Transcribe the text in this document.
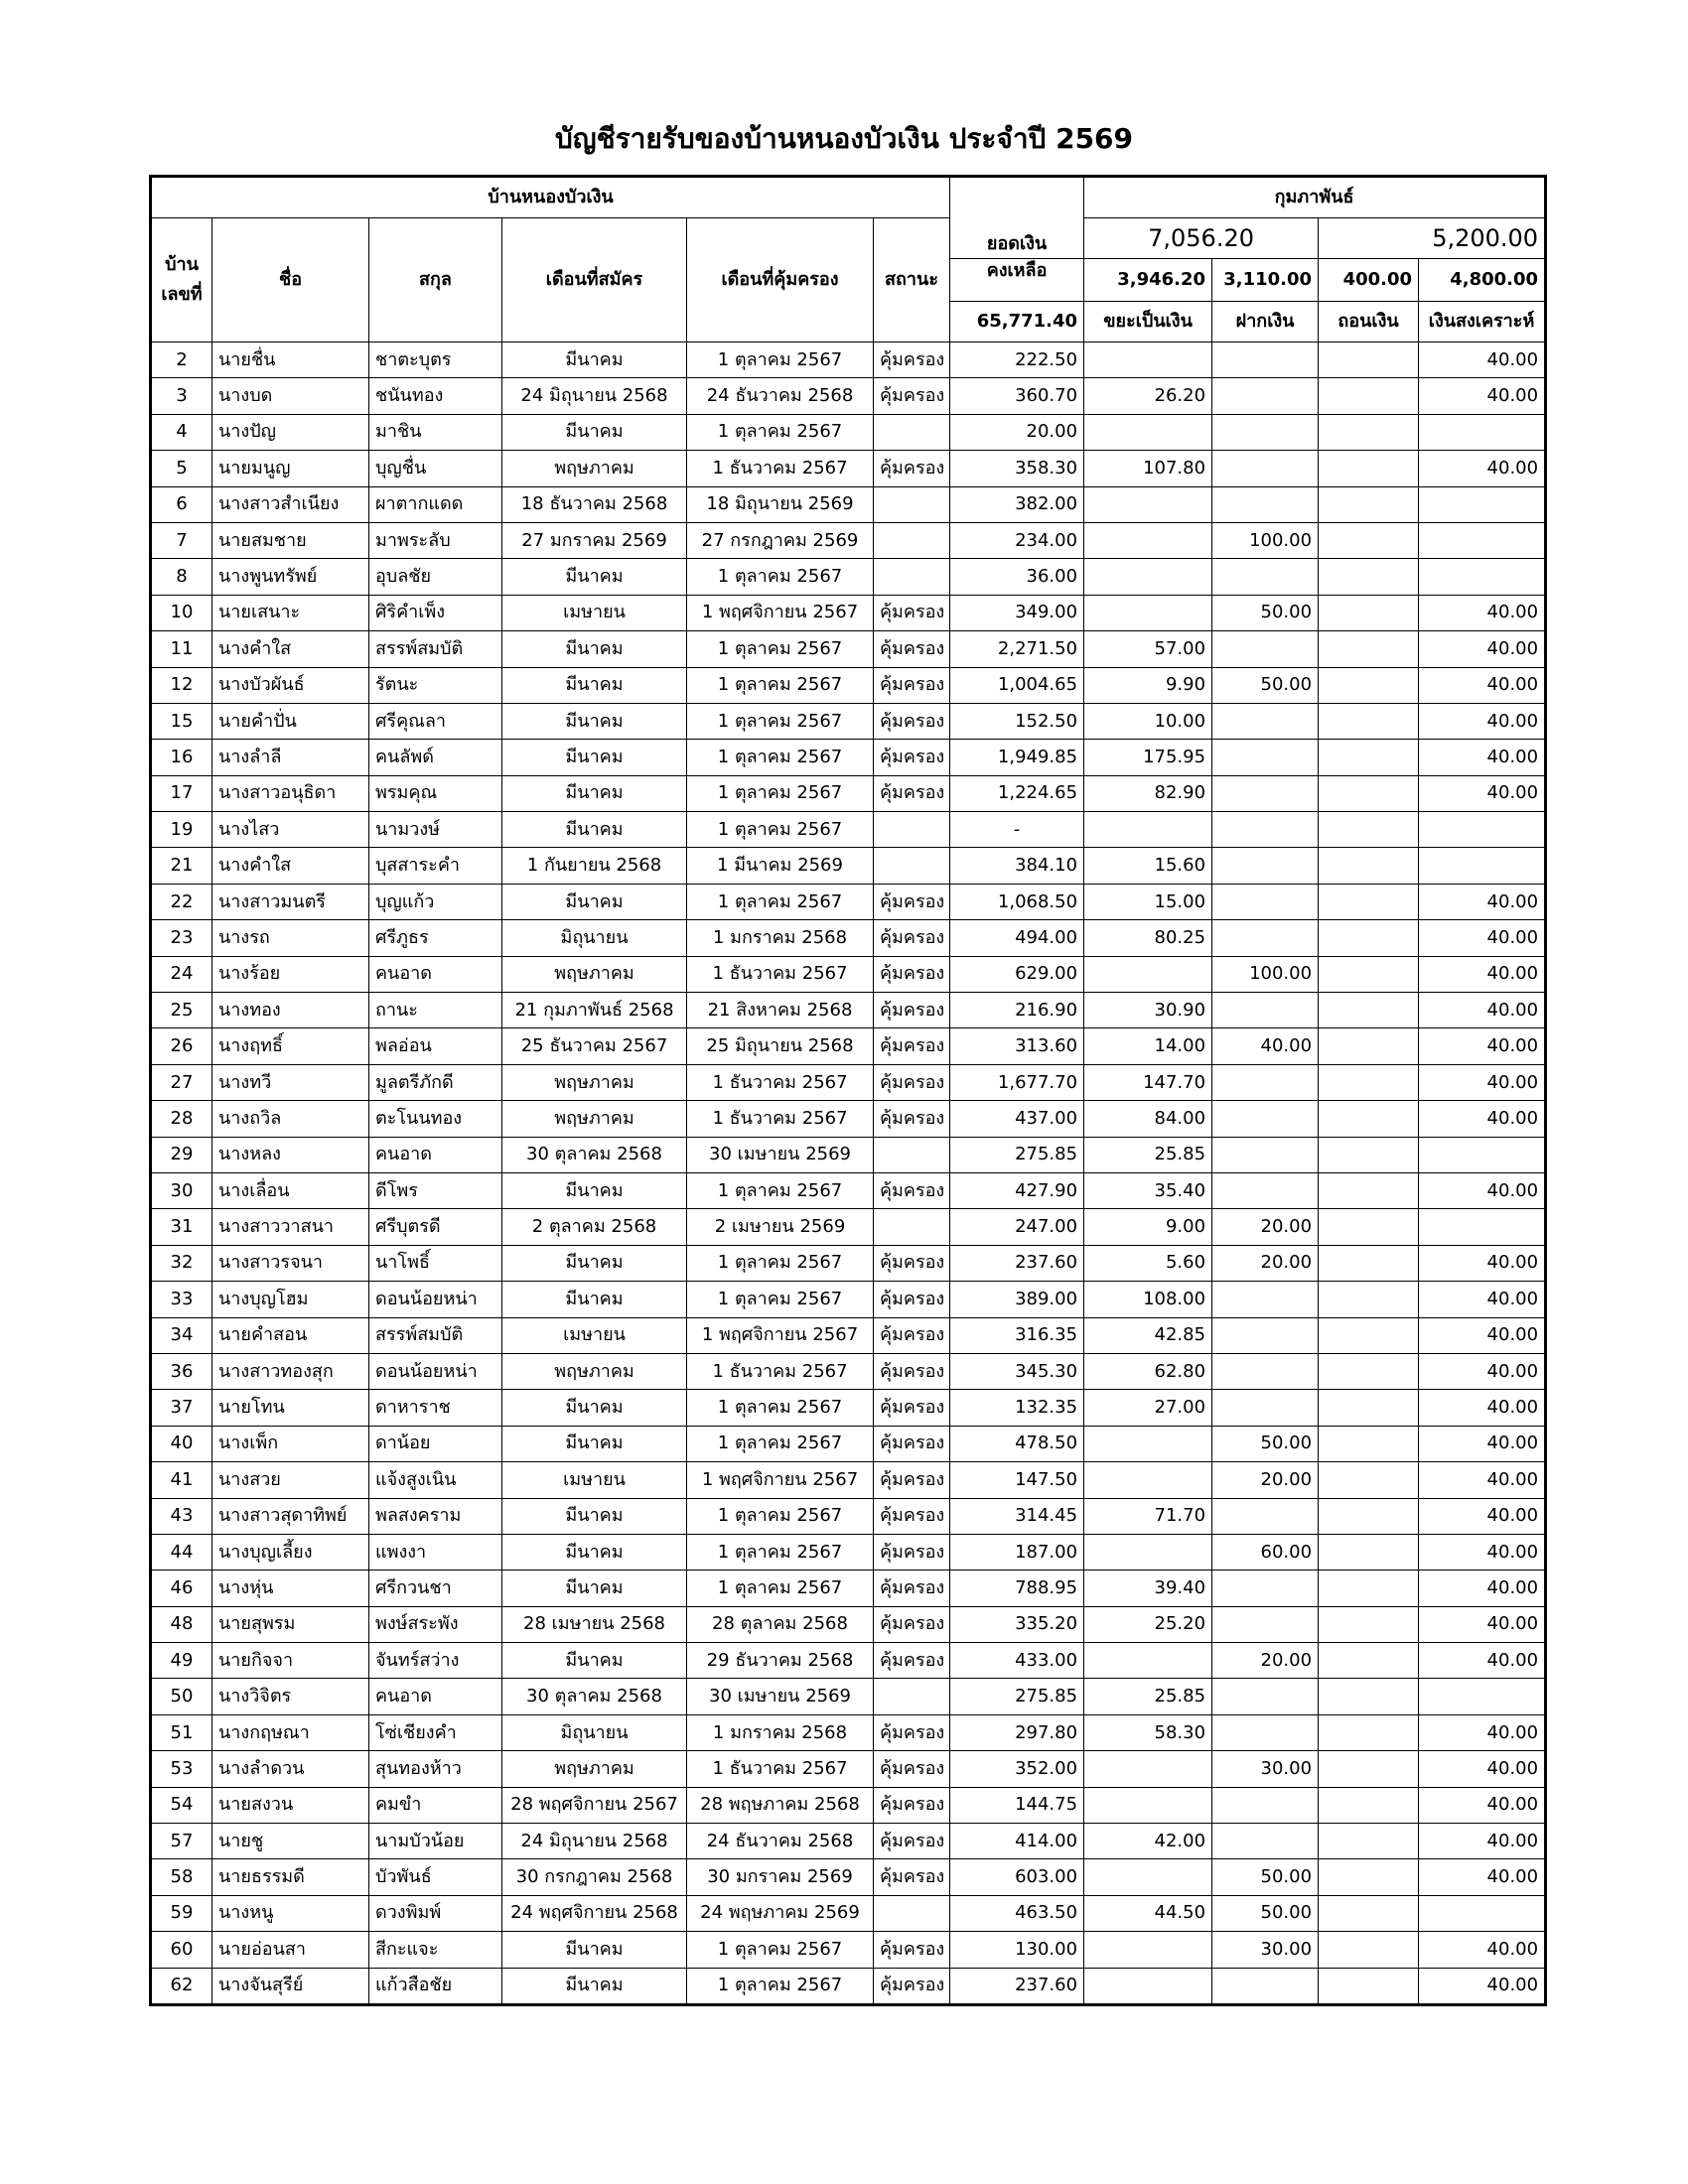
บัญชีรายรับของบ้านหนองบัวเงิน ประจำปี 2569
บ้านหนองบัวเงิน						ยอดเงิน	กุมภาพันธ์			
บ้าน
เลขที่	ชื่อ	สกุล	เดือนที่สมัคร	เดือนที่คุ้มครอง	สถานะ		7,056.20		5,200.00	
						คงเหลือ	3,946.20	3,110.00	400.00	4,800.00
						65,771.40	ขยะเป็นเงิน	ฝากเงิน	ถอนเงิน	เงินสงเคราะห์
2	นายชื่น	ชาตะบุตร	มีนาคม	1 ตุลาคม 2567	คุ้มครอง	222.50				40.00
3	นางบด	ชนันทอง	24 มิถุนายน 2568	24 ธันวาคม 2568	คุ้มครอง	360.70	26.20			40.00
4	นางปัญ	มาชิน	มีนาคม	1 ตุลาคม 2567		20.00				
5	นายมนูญ	บุญชื่น	พฤษภาคม	1 ธันวาคม 2567	คุ้มครอง	358.30	107.80			40.00
6	นางสาวสำเนียง	ผาตากแดด	18 ธันวาคม 2568	18 มิถุนายน 2569		382.00				
7	นายสมชาย	มาพระลับ	27 มกราคม 2569	27 กรกฎาคม 2569		234.00		100.00		
8	นางพูนทรัพย์	อุบลชัย	มีนาคม	1 ตุลาคม 2567		36.00				
10	นายเสนาะ	ศิริคำเพ็ง	เมษายน	1 พฤศจิกายน 2567	คุ้มครอง	349.00		50.00		40.00
11	นางคำใส	สรรพ์สมบัติ	มีนาคม	1 ตุลาคม 2567	คุ้มครอง	2,271.50	57.00			40.00
12	นางบัวผันธ์	รัตนะ	มีนาคม	1 ตุลาคม 2567	คุ้มครอง	1,004.65	9.90	50.00		40.00
15	นายคำปั่น	ศรีคุณลา	มีนาคม	1 ตุลาคม 2567	คุ้มครอง	152.50	10.00			40.00
16	นางลำลี	คนลัพด์	มีนาคม	1 ตุลาคม 2567	คุ้มครอง	1,949.85	175.95			40.00
17	นางสาวอนุธิดา	พรมคุณ	มีนาคม	1 ตุลาคม 2567	คุ้มครอง	1,224.65	82.90			40.00
19	นางไสว	นามวงษ์	มีนาคม	1 ตุลาคม 2567		-				
21	นางคำใส	บุสสาระคำ	1 กันยายน 2568	1 มีนาคม 2569		384.10	15.60			
22	นางสาวมนตรี	บุญแก้ว	มีนาคม	1 ตุลาคม 2567	คุ้มครอง	1,068.50	15.00			40.00
23	นางรถ	ศรีภูธร	มิถุนายน	1 มกราคม 2568	คุ้มครอง	494.00	80.25			40.00
24	นางร้อย	คนอาด	พฤษภาคม	1 ธันวาคม 2567	คุ้มครอง	629.00		100.00		40.00
25	นางทอง	ถานะ	21 กุมภาพันธ์ 2568	21 สิงหาคม 2568	คุ้มครอง	216.90	30.90			40.00
26	นางฤทธิ์	พลอ่อน	25 ธันวาคม 2567	25 มิถุนายน 2568	คุ้มครอง	313.60	14.00	40.00		40.00
27	นางทวี	มูลตรีภักดี	พฤษภาคม	1 ธันวาคม 2567	คุ้มครอง	1,677.70	147.70			40.00
28	นางถวิล	ตะโนนทอง	พฤษภาคม	1 ธันวาคม 2567	คุ้มครอง	437.00	84.00			40.00
29	นางหลง	คนอาด	30 ตุลาคม 2568	30 เมษายน 2569		275.85	25.85			
30	นางเลื่อน	ดีโพร	มีนาคม	1 ตุลาคม 2567	คุ้มครอง	427.90	35.40			40.00
31	นางสาววาสนา	ศรีบุตรดี	2 ตุลาคม 2568	2 เมษายน 2569		247.00	9.00	20.00		
32	นางสาวรจนา	นาโพธิ์	มีนาคม	1 ตุลาคม 2567	คุ้มครอง	237.60	5.60	20.00		40.00
33	นางบุญโฮม	ดอนน้อยหน่า	มีนาคม	1 ตุลาคม 2567	คุ้มครอง	389.00	108.00			40.00
34	นายคำสอน	สรรพ์สมบัติ	เมษายน	1 พฤศจิกายน 2567	คุ้มครอง	316.35	42.85			40.00
36	นางสาวทองสุก	ดอนน้อยหน่า	พฤษภาคม	1 ธันวาคม 2567	คุ้มครอง	345.30	62.80			40.00
37	นายโทน	ดาหาราช	มีนาคม	1 ตุลาคม 2567	คุ้มครอง	132.35	27.00			40.00
40	นางเพ็ก	ดาน้อย	มีนาคม	1 ตุลาคม 2567	คุ้มครอง	478.50		50.00		40.00
41	นางสวย	แจ้งสูงเนิน	เมษายน	1 พฤศจิกายน 2567	คุ้มครอง	147.50		20.00		40.00
43	นางสาวสุดาทิพย์	พลสงคราม	มีนาคม	1 ตุลาคม 2567	คุ้มครอง	314.45	71.70			40.00
44	นางบุญเลี้ยง	แพงงา	มีนาคม	1 ตุลาคม 2567	คุ้มครอง	187.00		60.00		40.00
46	นางหุ่น	ศรีกวนชา	มีนาคม	1 ตุลาคม 2567	คุ้มครอง	788.95	39.40			40.00
48	นายสุพรม	พงษ์สระพัง	28 เมษายน 2568	28 ตุลาคม 2568	คุ้มครอง	335.20	25.20			40.00
49	นายกิจจา	จันทร์สว่าง	มีนาคม	29 ธันวาคม 2568	คุ้มครอง	433.00		20.00		40.00
50	นางวิจิตร	คนอาด	30 ตุลาคม 2568	30 เมษายน 2569		275.85	25.85			
51	นางกฤษณา	โซ่เชียงคำ	มิถุนายน	1 มกราคม 2568	คุ้มครอง	297.80	58.30			40.00
53	นางลำดวน	สุนทองห้าว	พฤษภาคม	1 ธันวาคม 2567	คุ้มครอง	352.00		30.00		40.00
54	นายสงวน	คมขำ	28 พฤศจิกายน 2567	28 พฤษภาคม 2568	คุ้มครอง	144.75				40.00
57	นายชู	นามบัวน้อย	24 มิถุนายน 2568	24 ธันวาคม 2568	คุ้มครอง	414.00	42.00			40.00
58	นายธรรมดี	บัวพันธ์	30 กรกฎาคม 2568	30 มกราคม 2569	คุ้มครอง	603.00		50.00		40.00
59	นางหนู	ดวงพิมพ์	24 พฤศจิกายน 2568	24 พฤษภาคม 2569		463.50	44.50	50.00		
60	นายอ่อนสา	สีกะแจะ	มีนาคม	1 ตุลาคม 2567	คุ้มครอง	130.00		30.00		40.00
62	นางจันสุรีย์	แก้วสือชัย	มีนาคม	1 ตุลาคม 2567	คุ้มครอง	237.60				40.00
